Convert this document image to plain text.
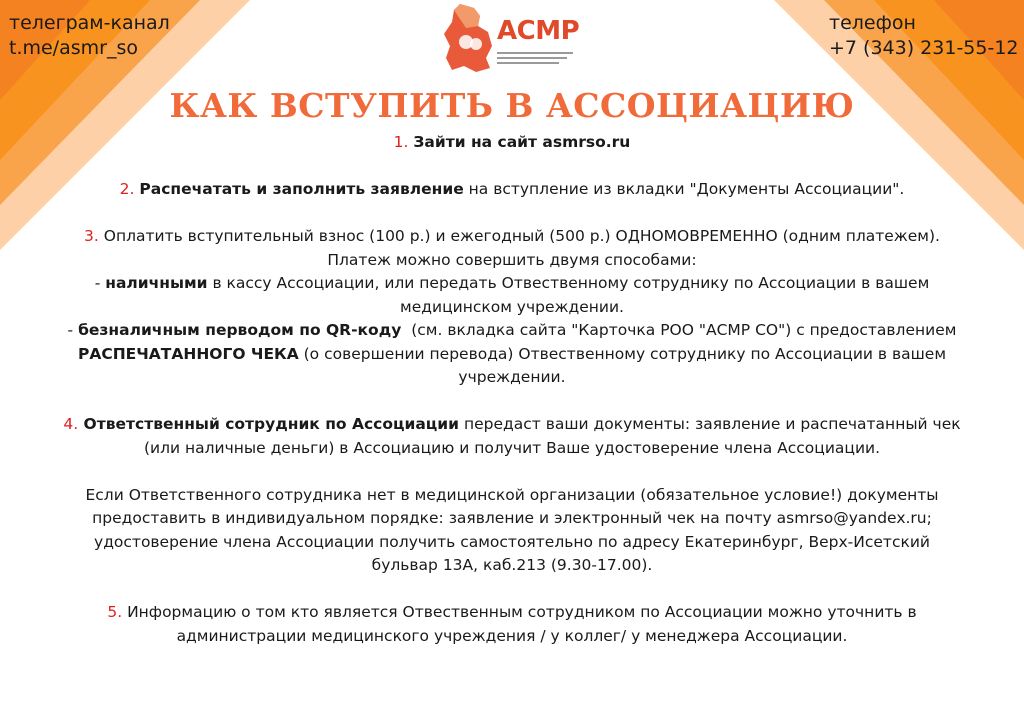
телеграм-канал
t.me/asmr_so
телефон
+7 (343) 231-55-12
АСМР
КАК ВСТУПИТЬ В АССОЦИАЦИЮ

1. Зайти на сайт asmrso.ru

2. Распечатать и заполнить заявление на вступление из вкладки "Документы Ассоциации".

3. Оплатить вступительный взнос (100 р.) и ежегодный (500 р.) ОДНОМОВРЕМЕННО (одним платежем). Платеж можно совершить двумя способами:
- наличными в кассу Ассоциации, или передать Отвественному сотруднику по Ассоциации в вашем медицинском учреждении.
- безналичным перводом по QR-коду  (см. вкладка сайта "Карточка РОО "АСМР СО") с предоставлением РАСПЕЧАТАННОГО ЧЕКА (о совершении перевода) Отвественному сотруднику по Ассоциации в вашем учреждении.

4. Ответственный сотрудник по Ассоциации передаст ваши документы: заявление и распечатанный чек (или наличные деньги) в Ассоциацию и получит Ваше удостоверение члена Ассоциации.

Если Ответственного сотрудника нет в медицинской организации (обязательное условие!) документы предоставить в индивидуальном порядке: заявление и электронный чек на почту asmrso@yandex.ru;
удостоверение члена Ассоциации получить самостоятельно по адресу Екатеринбург, Верх-Исетский бульвар 13А, каб.213 (9.30-17.00).

5. Информацию о том кто является Отвественным сотрудником по Ассоциации можно уточнить в администрации медицинского учреждения / у коллег/ у менеджера Ассоциации.
